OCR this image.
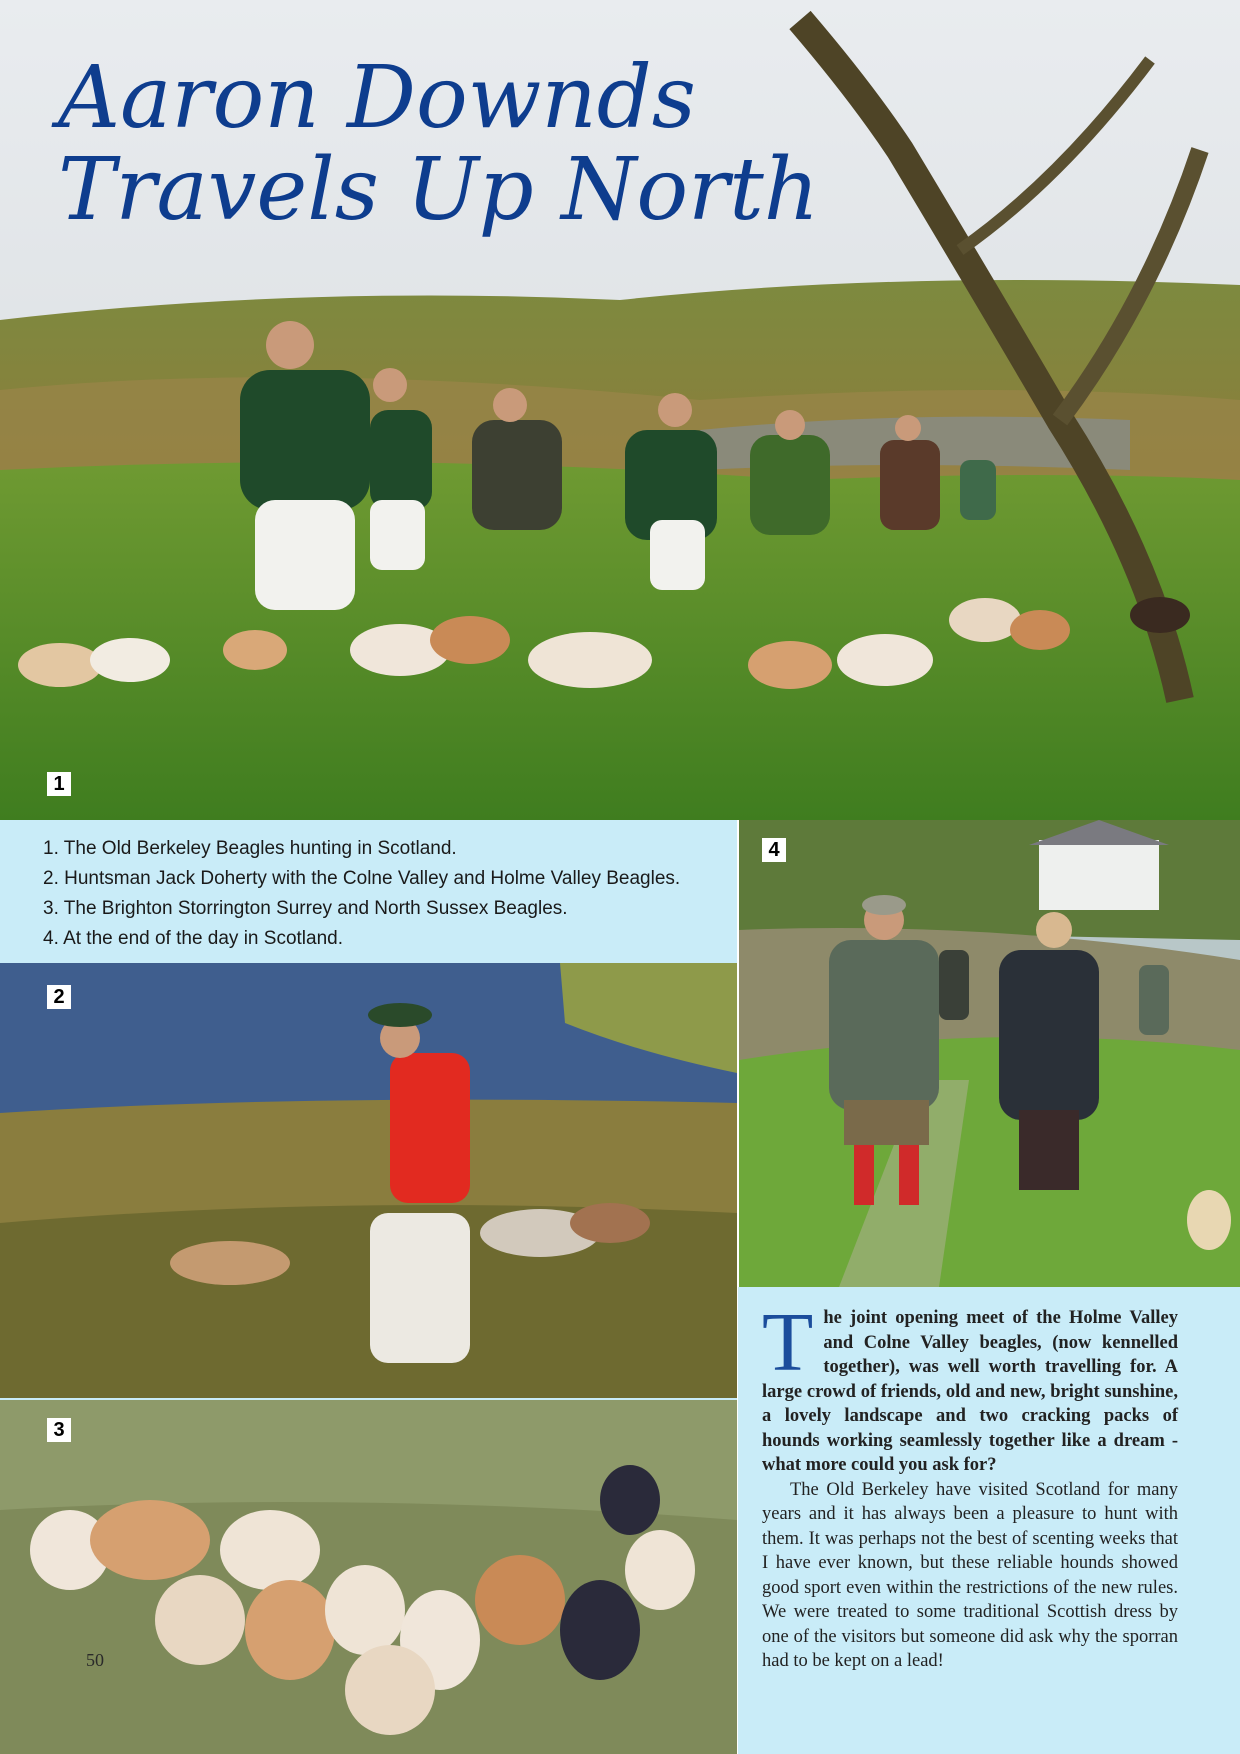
Aaron Downds
Travels Up North
1
1. The Old Berkeley Beagles hunting in Scotland.
2. Huntsman Jack Doherty with the Colne Valley and Holme Valley Beagles.
3. The Brighton Storrington Surrey and North Sussex Beagles.
4. At the end of the day in Scotland.
2
3
50
4
T he joint opening meet of the Holme Valley and Colne Valley beagles, (now kennelled together), was well worth travelling for. A large crowd of friends, old and new, bright sunshine, a lovely landscape and two cracking packs of hounds working seamlessly together like a dream - what more could you ask for?

The Old Berkeley have visited Scotland for many years and it has always been a pleasure to hunt with them. It was perhaps not the best of scenting weeks that I have ever known, but these reliable hounds showed good sport even within the restrictions of the new rules. We were treated to some traditional Scottish dress by one of the visitors but someone did ask why the sporran had to be kept on a lead!
